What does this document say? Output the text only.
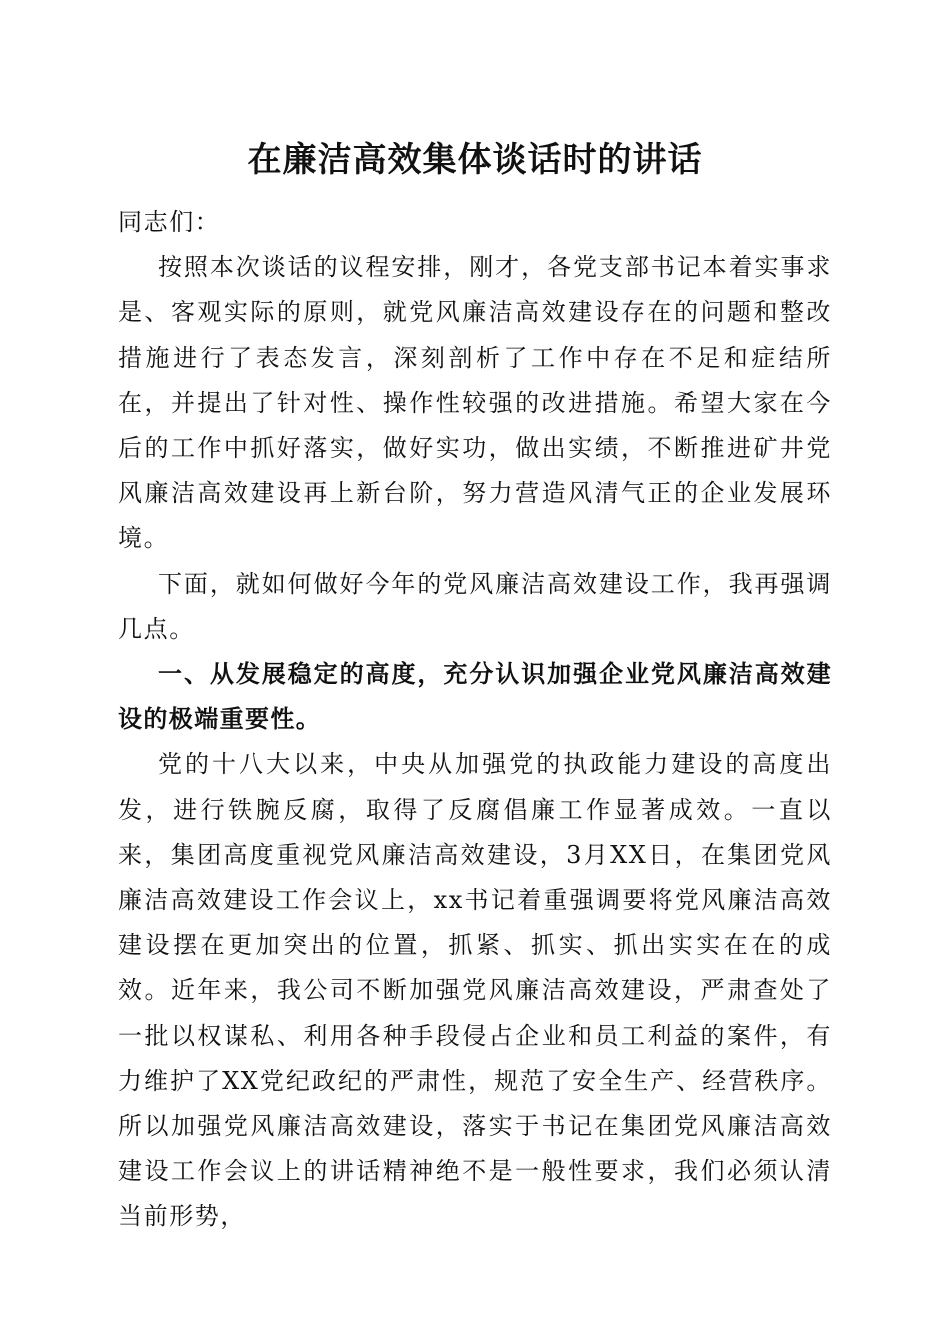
在廉洁高效集体谈话时的讲话

同志们：

按照本次谈话的议程安排，刚才，各党支部书记本着实事求是、客观实际的原则，就党风廉洁高效建设存在的问题和整改措施进行了表态发言，深刻剖析了工作中存在不足和症结所在，并提出了针对性、操作性较强的改进措施。希望大家在今后的工作中抓好落实，做好实功，做出实绩，不断推进矿井党风廉洁高效建设再上新台阶，努力营造风清气正的企业发展环境。

下面，就如何做好今年的党风廉洁高效建设工作，我再强调几点。

一、从发展稳定的高度，充分认识加强企业党风廉洁高效建设的极端重要性。

党的十八大以来，中央从加强党的执政能力建设的高度出发，进行铁腕反腐，取得了反腐倡廉工作显著成效。一直以来，集团高度重视党风廉洁高效建设，3月XX日，在集团党风廉洁高效建设工作会议上，xx书记着重强调要将党风廉洁高效建设摆在更加突出的位置，抓紧、抓实、抓出实实在在的成效。近年来，我公司不断加强党风廉洁高效建设，严肃查处了一批以权谋私、利用各种手段侵占企业和员工利益的案件，有力维护了XX党纪政纪的严肃性，规范了安全生产、经营秩序。所以加强党风廉洁高效建设，落实于书记在集团党风廉洁高效建设工作会议上的讲话精神绝不是一般性要求，我们必须认清当前形势，
